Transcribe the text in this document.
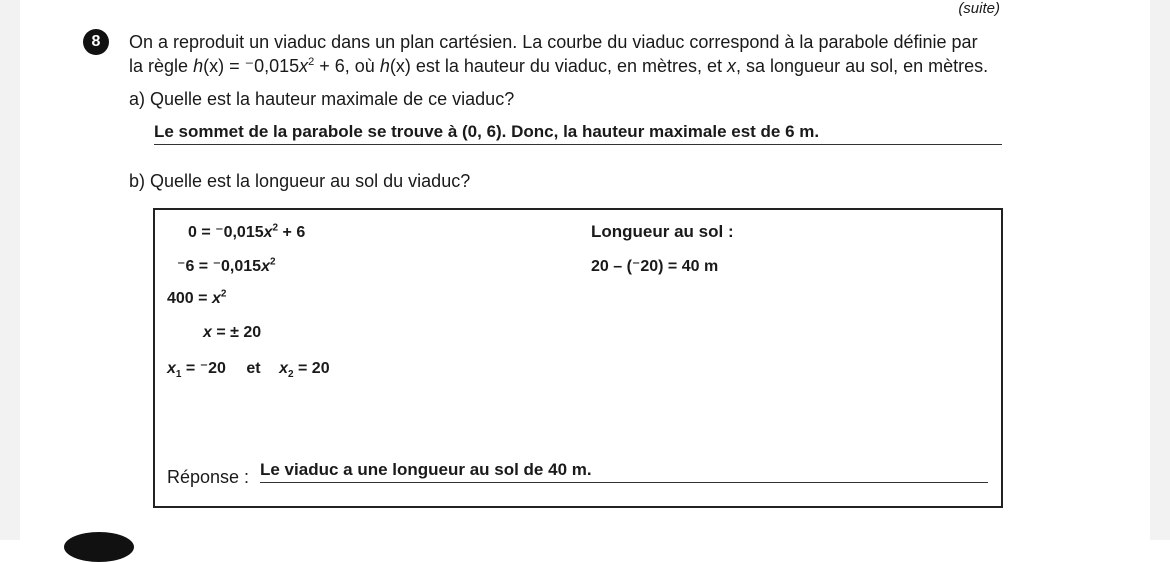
(suite)
8	On a reproduit un viaduc dans un plan cartésien. La courbe du viaduc correspond à la parabole définie par
la règle $h(x) = ^-0,015x^2 + 6$, où h(x) est la hauteur du viaduc, en mètres, et x, sa longueur au sol, en mètres.
a) Quelle est la hauteur maximale de ce viaduc?
Le sommet de la parabole se trouve à (0, 6). Donc, la hauteur maximale est de 6 m.
b) Quelle est la longueur au sol du viaduc?
$0 = ^-0,015x^2 + 6$
$^-6 = ^-0,015x^2$
$400 = x^2$
x = ± 20
$x_1 = ^-20$ et $x_2 = 20$
Longueur au sol :
20 – (⁻20) = 40 m
Réponse : Le viaduc a une longueur au sol de 40 m.
